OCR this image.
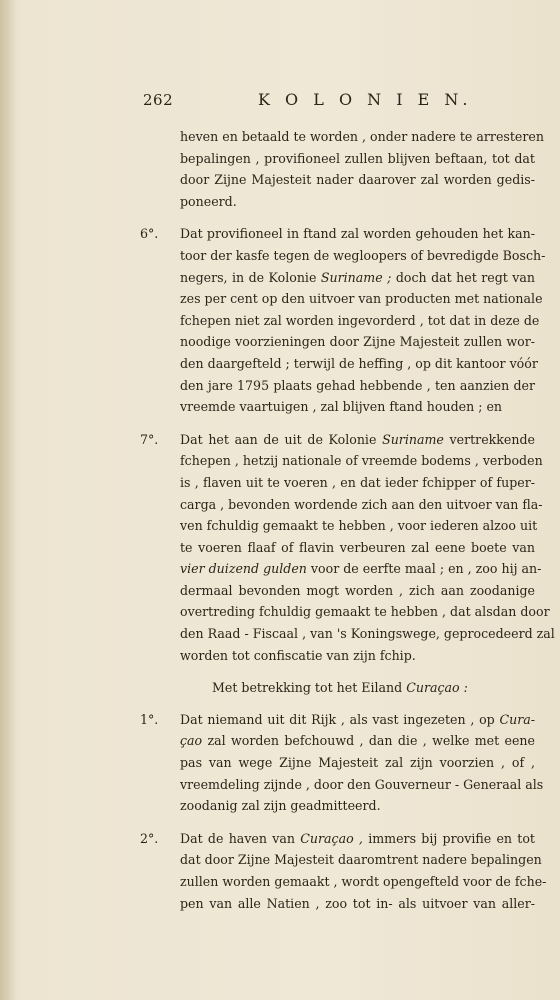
262	K O L O N I E N.
heven en betaald te worden , onder nadere te arresteren
bepalingen , provifioneel zullen blijven beftaan, tot dat
door Zijne Majesteit nader daarover zal worden gedis-
poneerd.
6°.	Dat provifioneel in ftand zal worden gehouden het kan-
toor der kasfe tegen de wegloopers of bevredigde Bosch-
negers, in de Kolonie Suriname ; doch dat het regt van
zes per cent op den uitvoer van producten met nationale
fchepen niet zal worden ingevorderd , tot dat in deze de
noodige voorzieningen door Zijne Majesteit zullen wor-
den daargefteld ; terwijl de heffing , op dit kantoor vóór
den jare 1795 plaats gehad hebbende , ten aanzien der
vreemde vaartuigen , zal blijven ftand houden ; en
7°.	Dat het aan de uit de Kolonie Suriname vertrekkende
fchepen , hetzij nationale of vreemde bodems , verboden
is , flaven uit te voeren , en dat ieder fchipper of fuper-
carga , bevonden wordende zich aan den uitvoer van fla-
ven fchuldig gemaakt te hebben , voor iederen alzoo uit
te voeren flaaf of flavin verbeuren zal eene boete van
vier duizend gulden voor de eerfte maal ; en , zoo hij an-
dermaal bevonden mogt worden , zich aan zoodanige
overtreding fchuldig gemaakt te hebben , dat alsdan door
den Raad - Fiscaal , van 's Koningswege, geprocedeerd zal
worden tot confiscatie van zijn fchip.
Met betrekking tot het Eiland Curaçao :
1°.	Dat niemand uit dit Rijk , als vast ingezeten , op Cura-
çao zal worden befchouwd , dan die , welke met eene
pas van wege Zijne Majesteit zal zijn voorzien , of ,
vreemdeling zijnde , door den Gouverneur - Generaal als
zoodanig zal zijn geadmitteerd.
2°.	Dat de haven van Curaçao , immers bij provifie en tot
dat door Zijne Majesteit daaromtrent nadere bepalingen
zullen worden gemaakt , wordt opengefteld voor de fche-
pen van alle Natien , zoo tot in- als uitvoer van aller-
